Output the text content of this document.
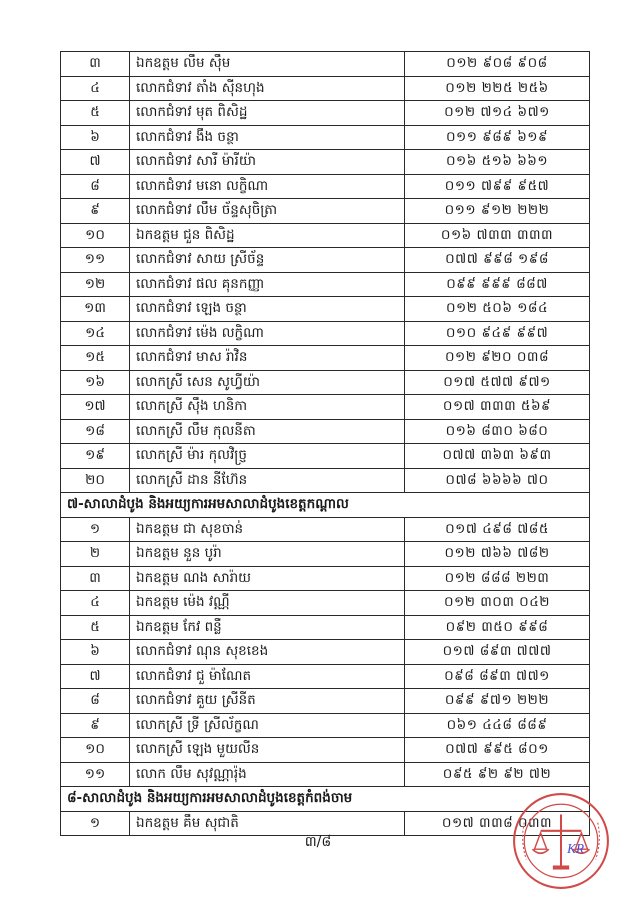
៣	ឯកឧត្តម លឹម ស៊ឹម	០១២ ៩០៨ ៩០៨
៤	លោកជំទាវ តាំង ស៊ីនហុង	០១២ ២២៥ ២៥៦
៥	លោកជំទាវ មុត ពិសិដ្ឋ	០១២ ៧១៤ ៦៧១
៦	លោកជំទាវ ងឹង ចន្ថា	០១១ ៩៨៩ ៦១៩
៧	លោកជំទាវ សារី ម៉ារីយ៉ា	០១៦ ៥១៦ ៦៦១
៨	លោកជំទាវ មនោ លក្ខិណា	០១១ ៧៩៩ ៩៥៧
៩	លោកជំទាវ លឹម ច័ន្ទសុចិត្រា	០១១ ៩១២ ២២២
១០	ឯកឧត្តម ជួន ពិសិដ្ឋ	០១៦ ៧៣៣ ៣៣៣
១១	លោកជំទាវ សាយ ស្រីច័ន្ទ	០៧៧ ៩៩៨ ១៩៨
១២	លោកជំទាវ ផល គុនកញ្ញា	០៩៩ ៩៩៩ ៨៨៧
១៣	លោកជំទាវ ឡេង ចន្ថា	០១២ ៥០៦ ១៨៤
១៤	លោកជំទាវ ម៉េង លក្ខិណា	០១០ ៩៤៩ ៩៩៧
១៥	លោកជំទាវ មាស រ៉ាវិន	០១២ ៩២០ ០៣៨
១៦	លោកស្រី សេន សូហ្វីយ៉ា	០១៧ ៥៧៧ ៩៧១
១៧	លោកស្រី ស៊ឹង ហនិកា	០១៧ ៣៣៣ ៥៦៩
១៨	លោកស្រី លឹម កុលនីតា	០១៦ ៨៣០ ៦៨០
១៩	លោកស្រី ម៉ារ កុលវិច្រ្ញ	០៧៧ ៣៦៣ ៦៩៣
២០	លោកស្រី ដាន នីហ៊ែន	០៧៨ ៦៦៦៦ ៧០
៧-សាលាដំបូង និងអយ្យការអមសាលាដំបូងខេត្តកណ្តាល		
១	ឯកឧត្តម ជា សុខចាន់	០១៧ ៤៩៨ ៧៨៥
២	ឯកឧត្តម នួន បូរ៉ា	០១២ ៧៦៦ ៧៨២
៣	ឯកឧត្តម ណង សារ៉ាយ	០១២ ៨៨៨ ២២៣
៤	ឯកឧត្តម ម៉េង វណ្ណី	០១២ ៣០៣ ០៤២
៥	ឯកឧត្តម កែវ ពន្លឺ	០៩២ ៣៥០ ៩៩៨
៦	លោកជំទាវ ណុន សុខខេង	០១៧ ៨៩៣ ៧៧៧
៧	លោកជំទាវ ជួ ម៉ាណែត	០៩៨ ៨៩៣ ៧៧១
៨	លោកជំទាវ គួយ ស្រីនីត	០៩៩ ៩៧១ ២២២
៩	លោកស្រី ទ្រី ស្រីល័ក្ខណ	០៦១ ៤៤៨ ៨៨៩
១០	លោកស្រី ឡេង មួយលីន	០៧៧ ៩៩៥ ៨០១
១១	លោក លឹម សុវណ្ណារ៉ុង	០៩៥ ៩២ ៩២ ៧២
៨-សាលាដំបូង និងអយ្យការអមសាលាដំបូងខេត្តកំពង់ចាម		
១	ឯកឧត្តម គឹម សុជាតិ	០១៧ ៣៣៨ ០៣៣
៣/៨	KR
